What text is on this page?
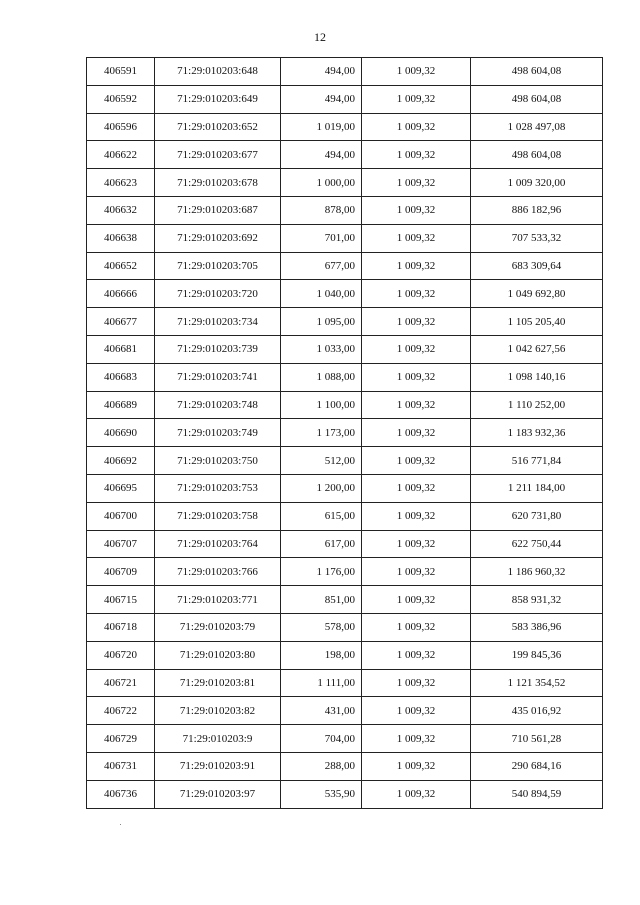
12
406591	71:29:010203:648	494,00	1 009,32	498 604,08
406592	71:29:010203:649	494,00	1 009,32	498 604,08
406596	71:29:010203:652	1 019,00	1 009,32	1 028 497,08
406622	71:29:010203:677	494,00	1 009,32	498 604,08
406623	71:29:010203:678	1 000,00	1 009,32	1 009 320,00
406632	71:29:010203:687	878,00	1 009,32	886 182,96
406638	71:29:010203:692	701,00	1 009,32	707 533,32
406652	71:29:010203:705	677,00	1 009,32	683 309,64
406666	71:29:010203:720	1 040,00	1 009,32	1 049 692,80
406677	71:29:010203:734	1 095,00	1 009,32	1 105 205,40
406681	71:29:010203:739	1 033,00	1 009,32	1 042 627,56
406683	71:29:010203:741	1 088,00	1 009,32	1 098 140,16
406689	71:29:010203:748	1 100,00	1 009,32	1 110 252,00
406690	71:29:010203:749	1 173,00	1 009,32	1 183 932,36
406692	71:29:010203:750	512,00	1 009,32	516 771,84
406695	71:29:010203:753	1 200,00	1 009,32	1 211 184,00
406700	71:29:010203:758	615,00	1 009,32	620 731,80
406707	71:29:010203:764	617,00	1 009,32	622 750,44
406709	71:29:010203:766	1 176,00	1 009,32	1 186 960,32
406715	71:29:010203:771	851,00	1 009,32	858 931,32
406718	71:29:010203:79	578,00	1 009,32	583 386,96
406720	71:29:010203:80	198,00	1 009,32	199 845,36
406721	71:29:010203:81	1 111,00	1 009,32	1 121 354,52
406722	71:29:010203:82	431,00	1 009,32	435 016,92
406729	71:29:010203:9	704,00	1 009,32	710 561,28
406731	71:29:010203:91	288,00	1 009,32	290 684,16
406736	71:29:010203:97	535,90	1 009,32	540 894,59
